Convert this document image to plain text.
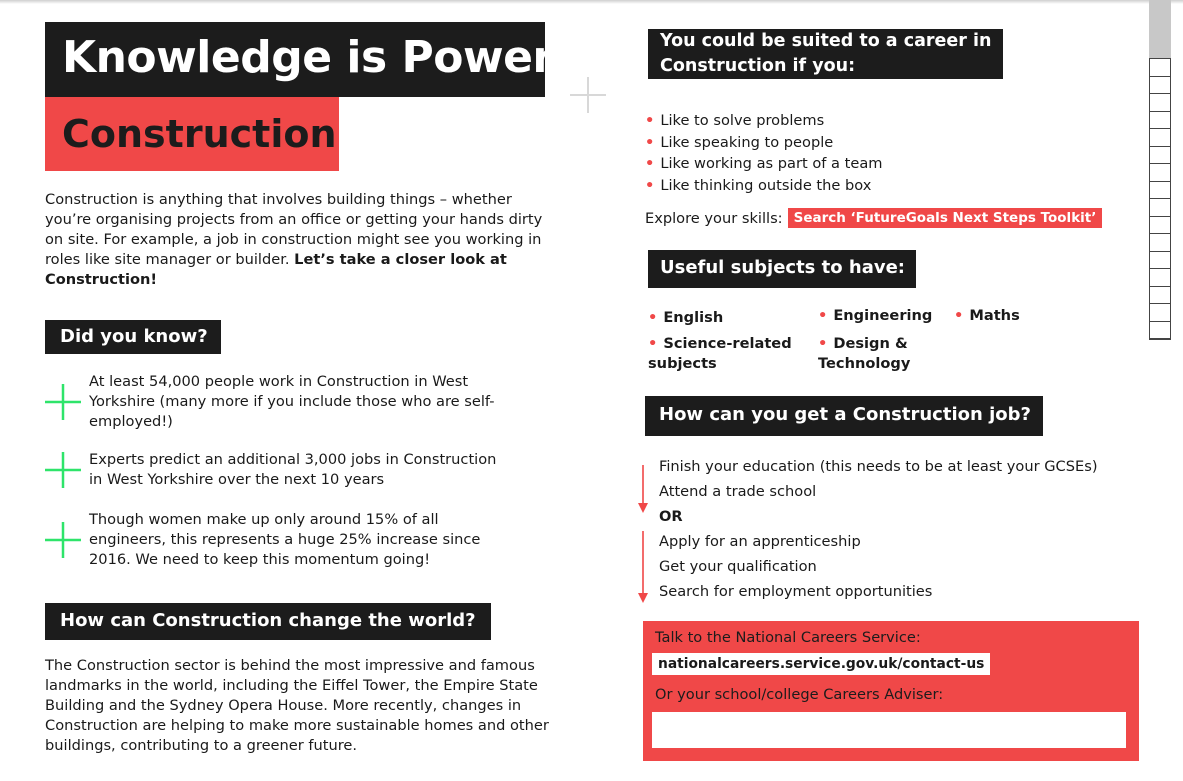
Knowledge is Power:
Construction

Construction is anything that involves building things – whether you’re organising projects from an office or getting your hands dirty on site. For example, a job in construction might see you working in roles like site manager or builder. Let’s take a closer look at Construction!

Did you know?
At least 54,000 people work in Construction in West Yorkshire (many more if you include those who are self-employed!)
Experts predict an additional 3,000 jobs in Construction in West Yorkshire over the next 10 years
Though women make up only around 15% of all engineers, this represents a huge 25% increase since 2016. We need to keep this momentum going!
How can Construction change the world?

The Construction sector is behind the most impressive and famous landmarks in the world, including the Eiffel Tower, the Empire State Building and the Sydney Opera House. More recently, changes in Construction are helping to make more sustainable homes and other buildings, contributing to a greener future.

You could be suited to a career in
Construction if you:
• Like to solve problems
• Like speaking to people
• Like working as part of a team
• Like thinking outside the box
Explore your skills: Search ‘FutureGoals Next Steps Toolkit’
Useful subjects to have:
• English	• Engineering • Maths
• Science-related subjects
• Design & Technology
How can you get a Construction job?
Finish your education (this needs to be at least your GCSEs)
Attend a trade school
OR
Apply for an apprenticeship
Get your qualification
Search for employment opportunities
Talk to the National Careers Service:
nationalcareers.service.gov.uk/contact-us
Or your school/college Careers Adviser:
